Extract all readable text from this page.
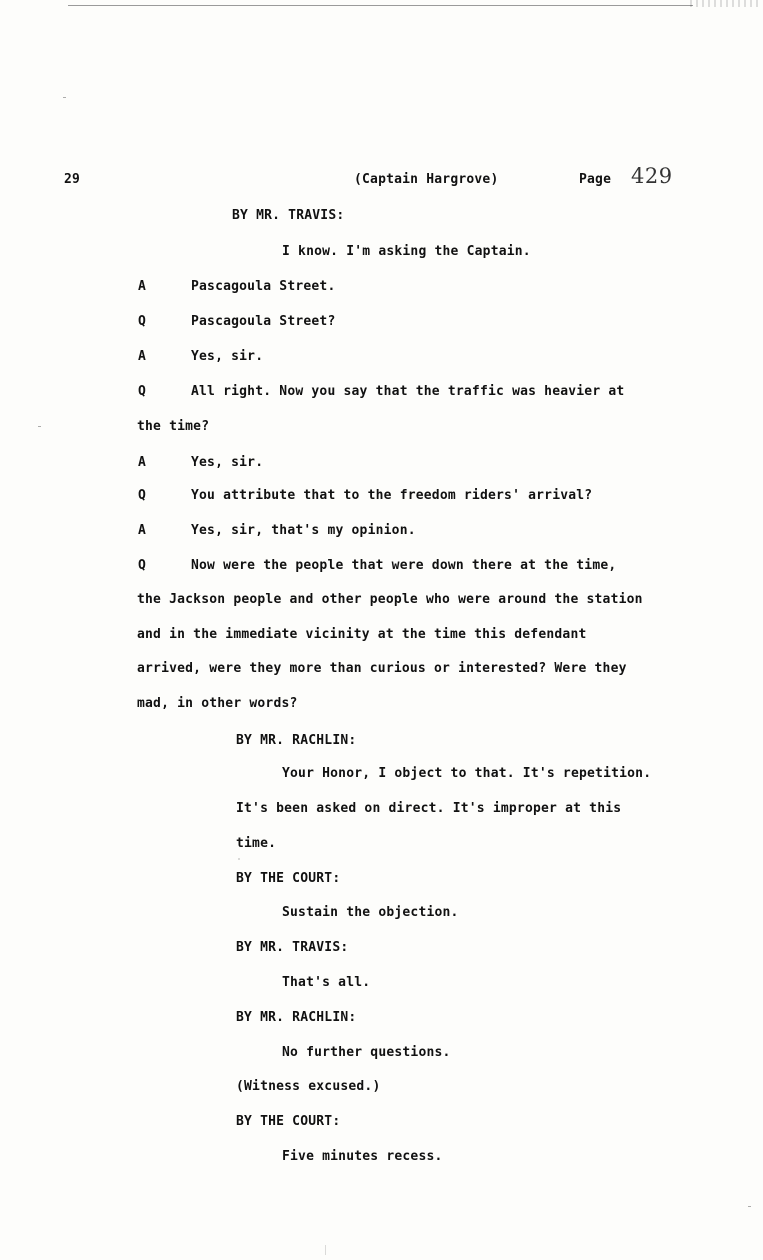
29	(Captain Hargrove)	Page 429
BY MR. TRAVIS:
I know. I'm asking the Captain.
A	Pascagoula Street.
Q	Pascagoula Street?
A	Yes, sir.
Q	All right. Now you say that the traffic was heavier at
the time?
A	Yes, sir.
Q	You attribute that to the freedom riders' arrival?
A	Yes, sir, that's my opinion.
Q	Now were the people that were down there at the time,
the Jackson people and other people who were around the station
and in the immediate vicinity at the time this defendant
arrived, were they more than curious or interested? Were they
mad, in other words?
BY MR. RACHLIN:
Your Honor, I object to that. It's repetition.
It's been asked on direct. It's improper at this
time.
BY THE COURT:
Sustain the objection.
BY MR. TRAVIS:
That's all.
BY MR. RACHLIN:
No further questions.
(Witness excused.)
BY THE COURT:
Five minutes recess.
